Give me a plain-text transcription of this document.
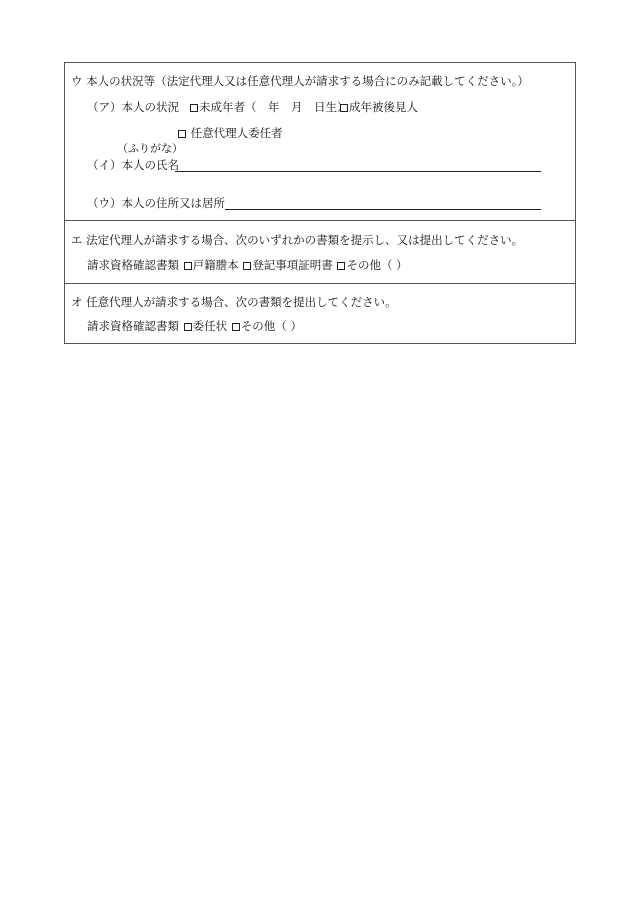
ウ 本人の状況等（法定代理人又は任意代理人が請求する場合にのみ記載してください。）
（ア）本人の状況	未成年者（　年　月　日生） 成年被後見人
任意代理人委任者
（ふりがな）
（イ）本人の氏名
（ウ）本人の住所又は居所
エ 法定代理人が請求する場合、次のいずれかの書類を提示し、又は提出してください。
請求資格確認書類 戸籍謄本 登記事項証明書 その他（ ）
オ 任意代理人が請求する場合、次の書類を提出してください。
請求資格確認書類 委任状 その他（ ）
